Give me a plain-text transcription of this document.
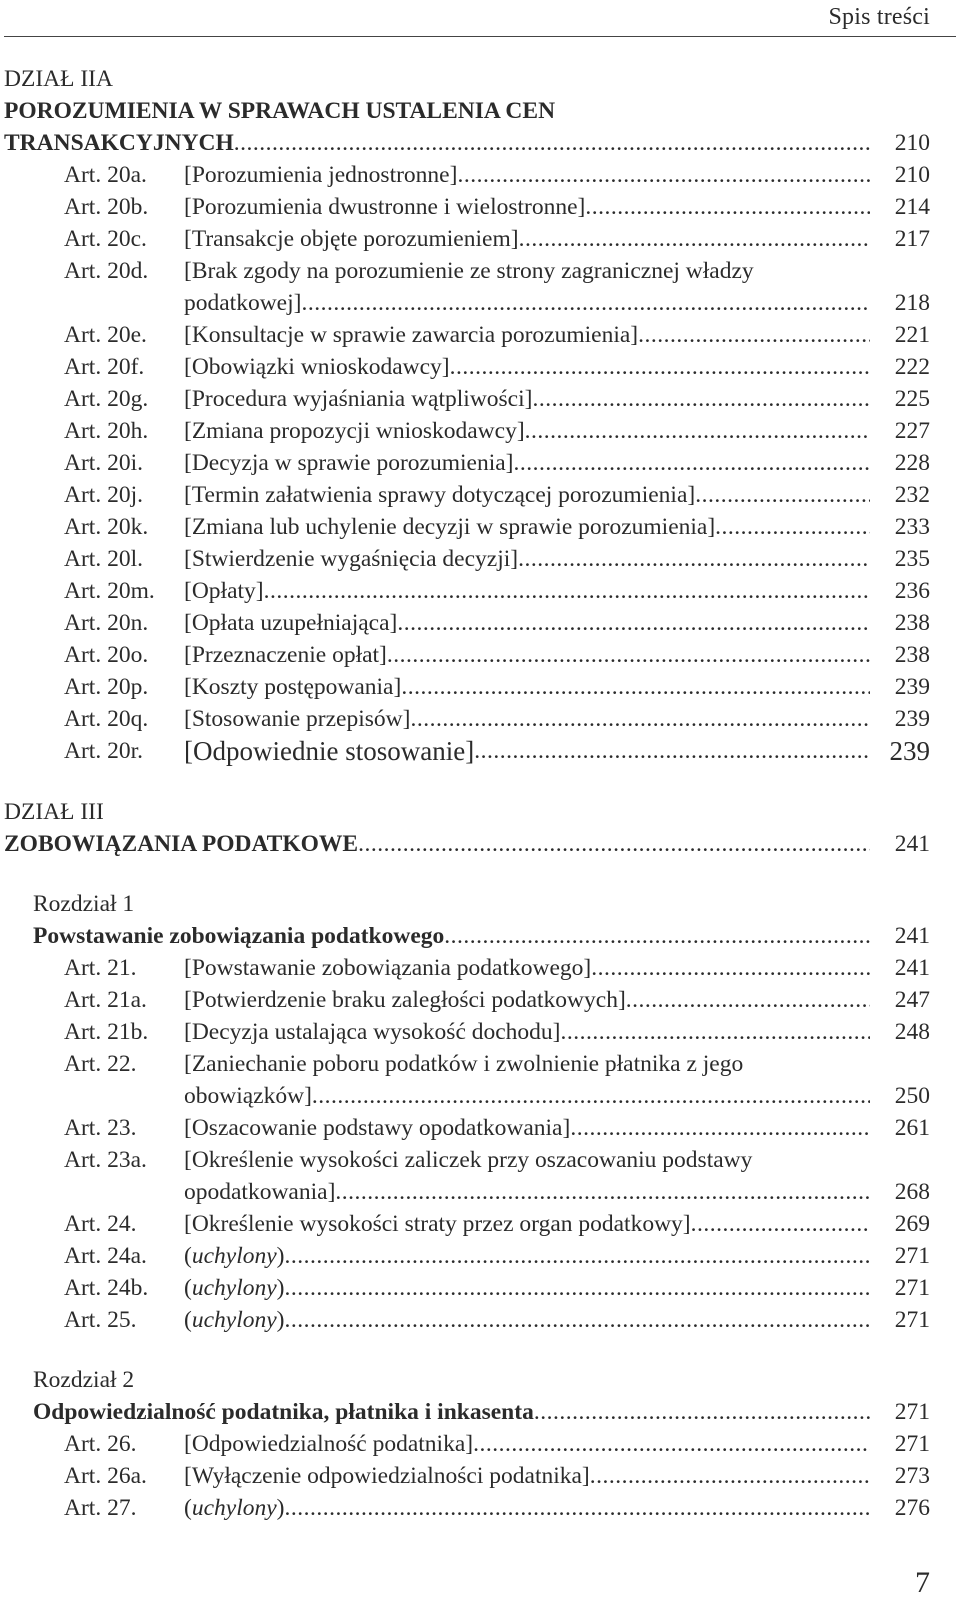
Spis treści
DZIAŁ IIA
POROZUMIENIA W SPRAWACH USTALENIA CEN
TRANSAKCYJNYCH .....	210
Art. 20a. [Porozumienia jednostronne] .....	210
Art. 20b. [Porozumienia dwustronne i wielostronne] .....	214
Art. 20c. [Transakcje objęte porozumieniem] .....	217
Art. 20d. [Brak zgody na porozumienie ze strony zagranicznej władzy
podatkowej] .....	218
Art. 20e. [Konsultacje w sprawie zawarcia porozumienia] .....	221
Art. 20f. [Obowiązki wnioskodawcy] .....	222
Art. 20g. [Procedura wyjaśniania wątpliwości] .....	225
Art. 20h. [Zmiana propozycji wnioskodawcy] .....	227
Art. 20i. [Decyzja w sprawie porozumienia] .....	228
Art. 20j. [Termin załatwienia sprawy dotyczącej porozumienia] .....	232
Art. 20k. [Zmiana lub uchylenie decyzji w sprawie porozumienia] .....	233
Art. 20l. [Stwierdzenie wygaśnięcia decyzji] .....	235
Art. 20m. [Opłaty] .....	236
Art. 20n. [Opłata uzupełniająca] .....	238
Art. 20o. [Przeznaczenie opłat] .....	238
Art. 20p. [Koszty postępowania] .....	239
Art. 20q. [Stosowanie przepisów] .....	239
Art. 20r. [Odpowiednie stosowanie] .....	239
DZIAŁ III
ZOBOWIĄZANIA PODATKOWE .....	241
Rozdział 1
Powstawanie zobowiązania podatkowego .....	241
Art. 21. [Powstawanie zobowiązania podatkowego] .....	241
Art. 21a. [Potwierdzenie braku zaległości podatkowych] .....	247
Art. 21b. [Decyzja ustalająca wysokość dochodu] .....	248
Art. 22. [Zaniechanie poboru podatków i zwolnienie płatnika z jego
obowiązków] .....	250
Art. 23. [Oszacowanie podstawy opodatkowania] .....	261
Art. 23a. [Określenie wysokości zaliczek przy oszacowaniu podstawy
opodatkowania] .....	268
Art. 24. [Określenie wysokości straty przez organ podatkowy] .....	269
Art. 24a. (uchylony) .....	271
Art. 24b. (uchylony) .....	271
Art. 25. (uchylony) .....	271
Rozdział 2
Odpowiedzialność podatnika, płatnika i inkasenta .....	271
Art. 26. [Odpowiedzialność podatnika] .....	271
Art. 26a. [Wyłączenie odpowiedzialności podatnika] .....	273
Art. 27. (uchylony) .....	276
7
